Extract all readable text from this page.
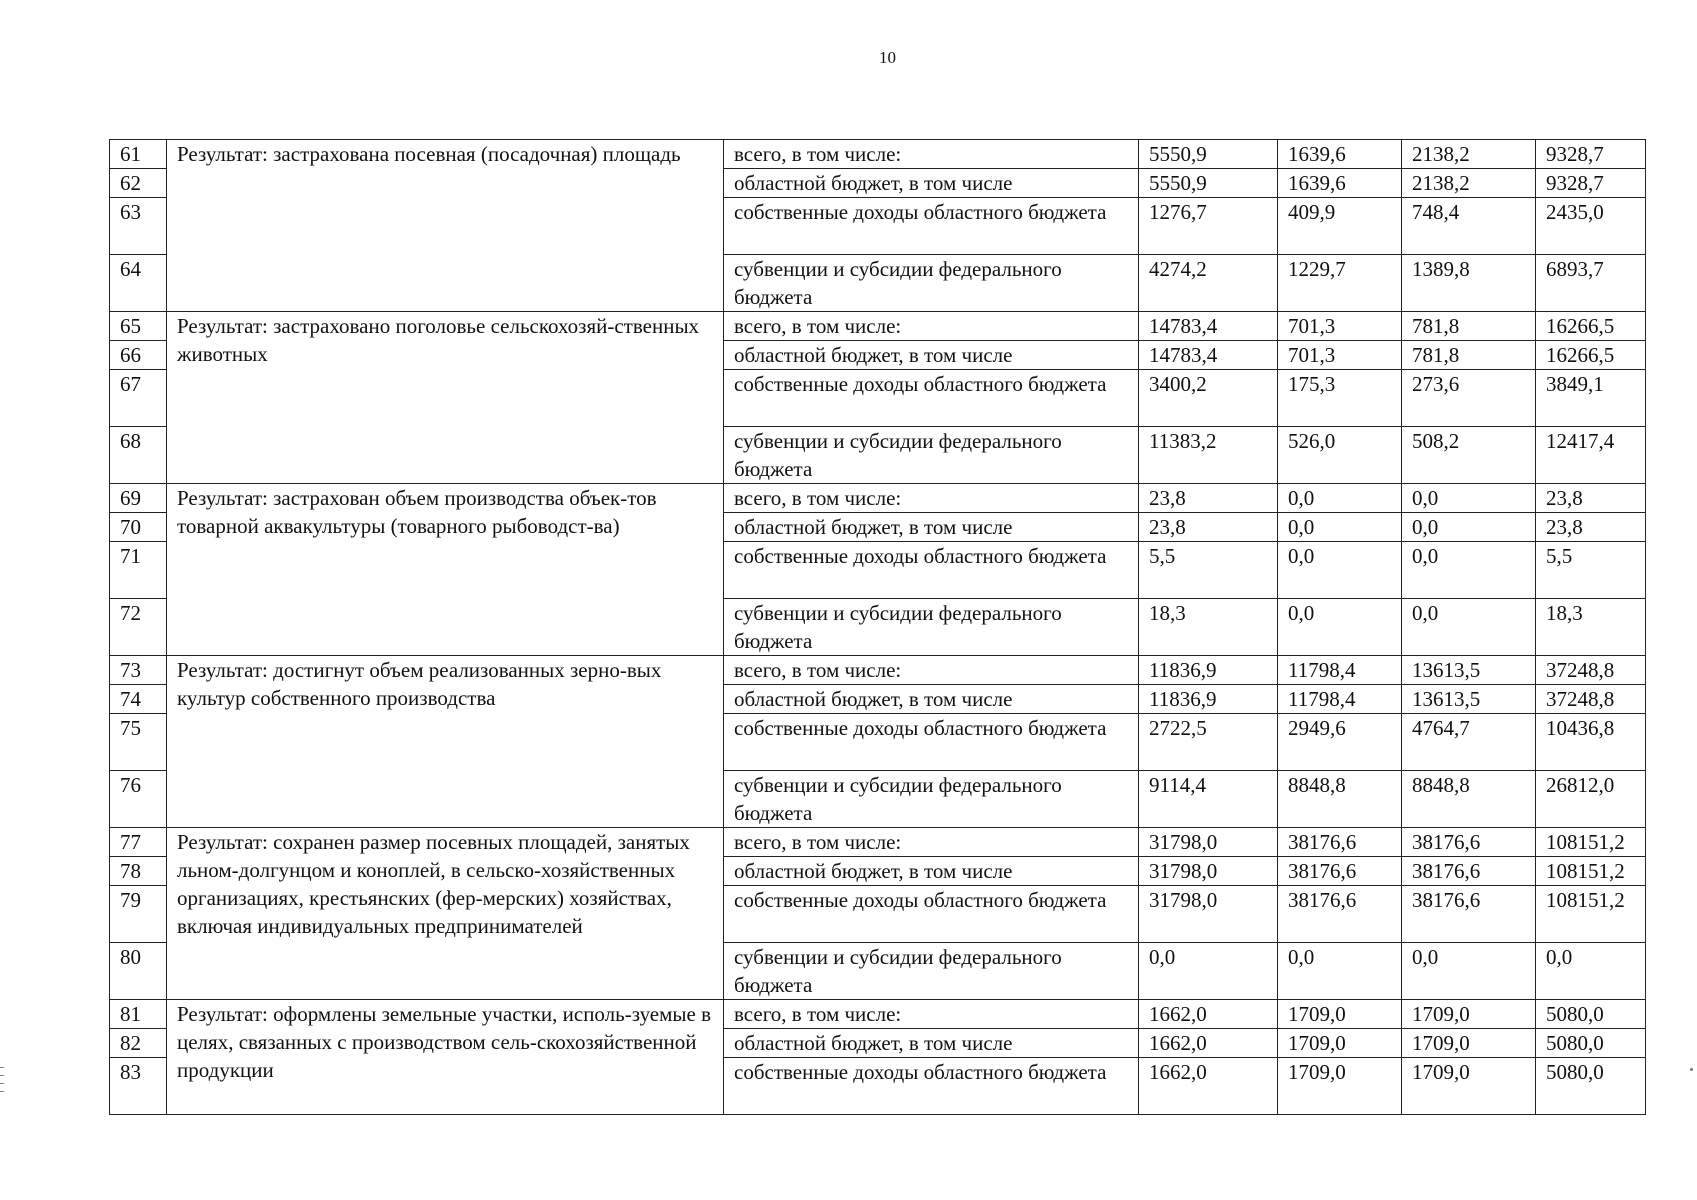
10
61	Результат: застрахована посевная (посадочная) площадь	всего, в том числе:	5550,9	1639,6	2138,2	9328,7
62		областной бюджет, в том числе	5550,9	1639,6	2138,2	9328,7
63		собственные доходы областного бюджета	1276,7	409,9	748,4	2435,0
64		субвенции и субсидии федерального бюджета	4274,2	1229,7	1389,8	6893,7
65	Результат: застраховано поголовье сельскохозяй-ственных животных	всего, в том числе:	14783,4	701,3	781,8	16266,5
66		областной бюджет, в том числе	14783,4	701,3	781,8	16266,5
67		собственные доходы областного бюджета	3400,2	175,3	273,6	3849,1
68		субвенции и субсидии федерального бюджета	11383,2	526,0	508,2	12417,4
69	Результат: застрахован объем производства объек-тов товарной аквакультуры (товарного рыбоводст-ва)	всего, в том числе:	23,8	0,0	0,0	23,8
70		областной бюджет, в том числе	23,8	0,0	0,0	23,8
71		собственные доходы областного бюджета	5,5	0,0	0,0	5,5
72		субвенции и субсидии федерального бюджета	18,3	0,0	0,0	18,3
73	Результат: достигнут объем реализованных зерно-вых культур собственного производства	всего, в том числе:	11836,9	11798,4	13613,5	37248,8
74		областной бюджет, в том числе	11836,9	11798,4	13613,5	37248,8
75		собственные доходы областного бюджета	2722,5	2949,6	4764,7	10436,8
76		субвенции и субсидии федерального бюджета	9114,4	8848,8	8848,8	26812,0
77	Результат: сохранен размер посевных площадей, занятых льном-долгунцом и коноплей, в сельско-хозяйственных организациях, крестьянских (фер-мерских) хозяйствах, включая индивидуальных предпринимателей	всего, в том числе:	31798,0	38176,6	38176,6	108151,2
78		областной бюджет, в том числе	31798,0	38176,6	38176,6	108151,2
79		собственные доходы областного бюджета	31798,0	38176,6	38176,6	108151,2
80		субвенции и субсидии федерального бюджета	0,0	0,0	0,0	0,0
81	Результат: оформлены земельные участки, исполь-зуемые в целях, связанных с производством сель-скохозяйственной продукции	всего, в том числе:	1662,0	1709,0	1709,0	5080,0
82		областной бюджет, в том числе	1662,0	1709,0	1709,0	5080,0
83		собственные доходы областного бюджета	1662,0	1709,0	1709,0	5080,0
